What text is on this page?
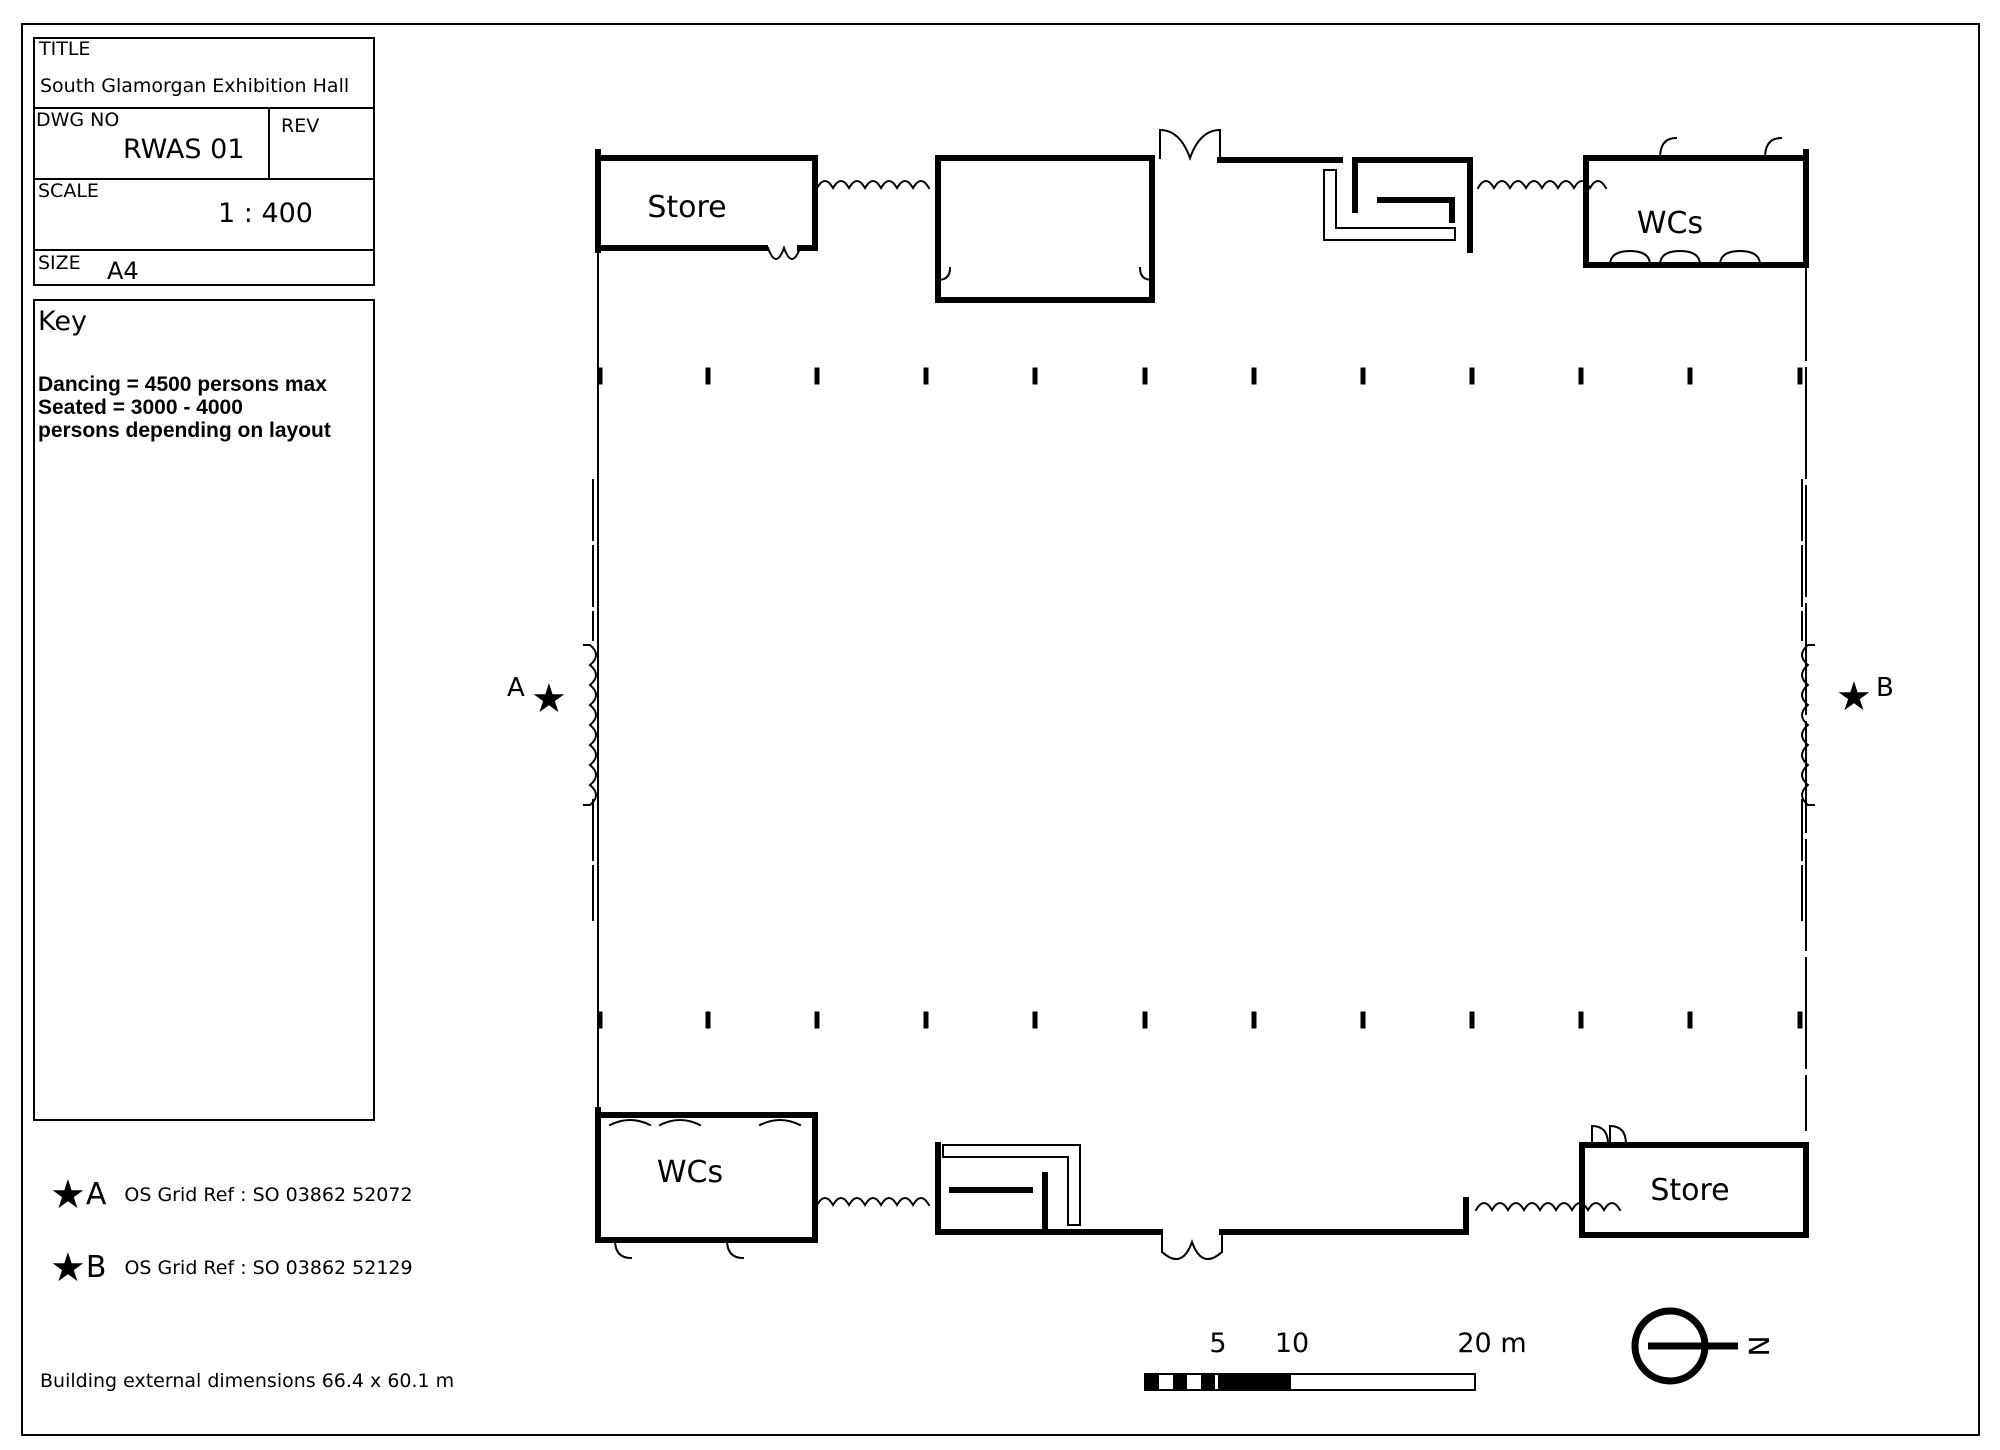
TITLE
South Glamorgan Exhibition Hall
DWG NO
RWAS 01
REV
SCALE
1 : 400
SIZE A4
Key
Dancing = 4500 persons max
Seated = 3000 - 4000
persons depending on layout
★ A OS Grid Ref : SO 03862 52072
★ B OS Grid Ref : SO 03862 52129
Building external dimensions 66.4 x 60.1 m
Store	WCs
WCs
Store
A ★	★ B
5 10	20 m	N
